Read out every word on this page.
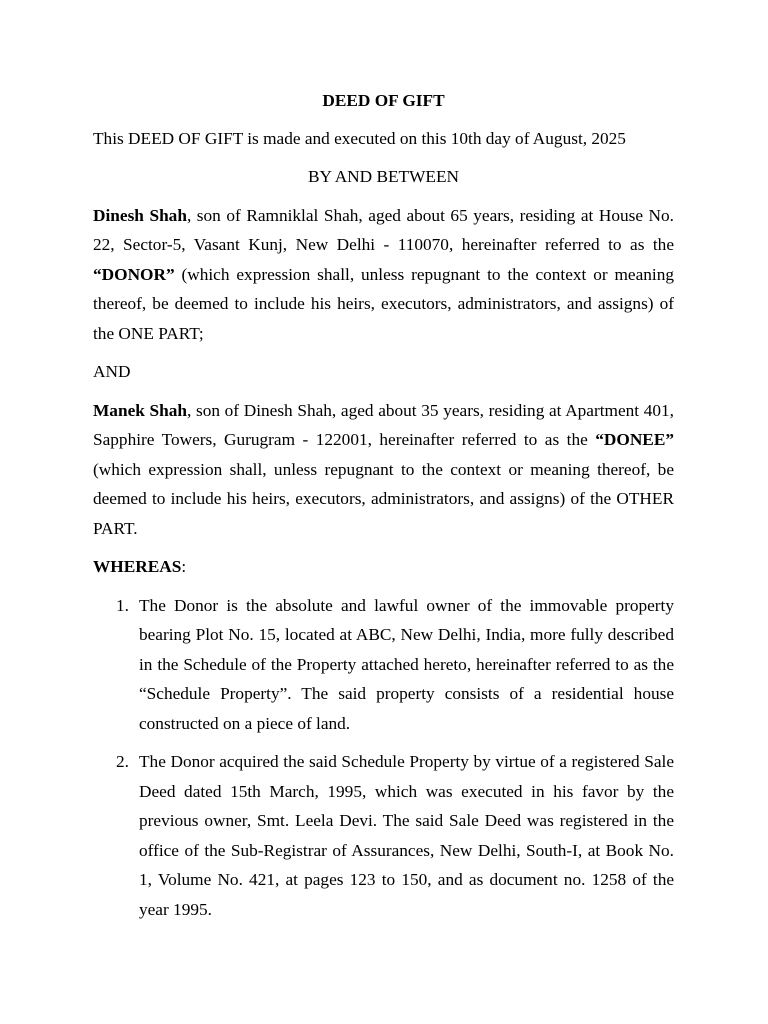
DEED OF GIFT
This DEED OF GIFT is made and executed on this 10th day of August, 2025
BY AND BETWEEN
Dinesh Shah, son of Ramniklal Shah, aged about 65 years, residing at House No. 22, Sector-5, Vasant Kunj, New Delhi - 110070, hereinafter referred to as the “DONOR” (which expression shall, unless repugnant to the context or meaning thereof, be deemed to include his heirs, executors, administrators, and assigns) of the ONE PART;
AND
Manek Shah, son of Dinesh Shah, aged about 35 years, residing at Apartment 401, Sapphire Towers, Gurugram - 122001, hereinafter referred to as the “DONEE” (which expression shall, unless repugnant to the context or meaning thereof, be deemed to include his heirs, executors, administrators, and assigns) of the OTHER PART.
WHEREAS:
1. The Donor is the absolute and lawful owner of the immovable property bearing Plot No. 15, located at ABC, New Delhi, India, more fully described in the Schedule of the Property attached hereto, hereinafter referred to as the “Schedule Property”. The said property consists of a residential house constructed on a piece of land.
2. The Donor acquired the said Schedule Property by virtue of a registered Sale Deed dated 15th March, 1995, which was executed in his favor by the previous owner, Smt. Leela Devi. The said Sale Deed was registered in the office of the Sub-Registrar of Assurances, New Delhi, South-I, at Book No. 1, Volume No. 421, at pages 123 to 150, and as document no. 1258 of the year 1995.
